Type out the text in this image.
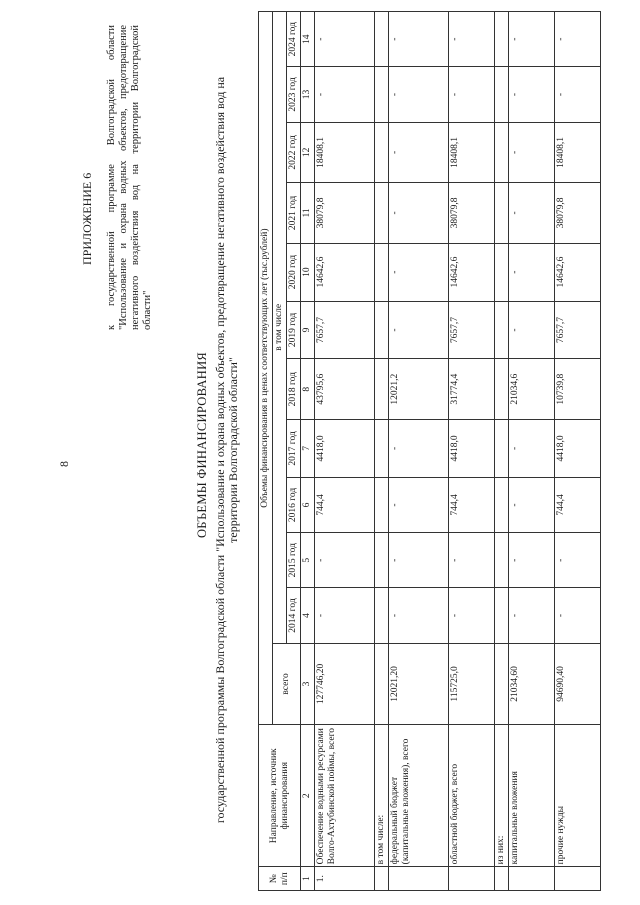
8
ПРИЛОЖЕНИЕ 6 к государственной программе Волгоградской области "Использование и охрана водных объектов, предотвращение негативного воздействия вод на территории Волгоградской области"
ОБЪЕМЫ ФИНАНСИРОВАНИЯ государственной программы Волгоградской области "Использование и охрана водных объектов, предотвращение негативного воздействия вод на территории Волгоградской области"
№ п/п	Направление, источник финансирования	Объемы финансирования в ценах соответствующих лет (тыс.рублей)											
		всего	в том числе										
			2014 год	2015 год	2016 год	2017 год	2018 год	2019 год	2020 год	2021 год	2022 год	2023 год	2024 год
1	2	3	4	5	6	7	8	9	10	11	12	13	14
1.	Обеспечение водными ресурсами Волго-Ахтубинской поймы, всего	127746,20	-	-	744,4	4418,0	43795,6	7657,7	14642,6	38079,8	18408,1	-	-
	в том числе:												
	федеральный бюджет (капитальные вложения), всего	12021,20	-	-	-	-	12021,2	-	-	-	-	-	-
	областной бюджет, всего	115725,0	-	-	744,4	4418,0	31774,4	7657,7	14642,6	38079,8	18408,1	-	-
	из них:												
	капитальные вложения	21034,60	-	-	-	-	21034,6	-	-	-	-	-	-
	прочие нужды	94690,40	-	-	744,4	4418,0	10739,8	7657,7	14642,6	38079,8	18408,1	-	-
